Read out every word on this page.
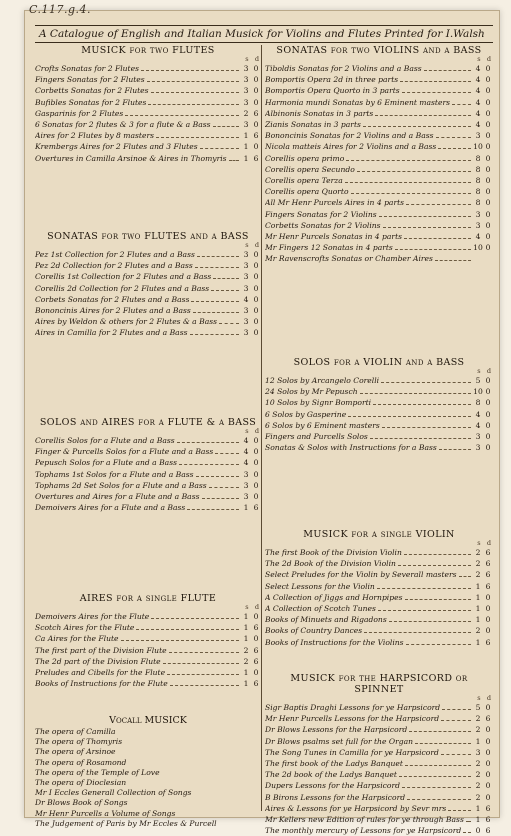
C.117.g.4.
A Catalogue of English and Italian Musick for Violins and Flutes Printed for I.Walsh
MUSICK for two FLUTES
s d
Crofts Sonatas for 2 Flutes	3 0
Fingers Sonatas for 2 Flutes	3 0
Corbetts Sonatas for 2 Flutes	3 0
Bufibles Sonatas for 2 Flutes	3 0
Gasparinis for 2 Flutes	2 6
6 Sonatas for 2 flutes & 3 for a flute & a Bass	3 0
Aires for 2 Flutes by 8 masters	1 6
Krembergs Aires for 2 Flutes and 3 Flutes	1 0
Overtures in Camilla Arsinoe & Aires in Thomyris	1 6
SONATAS for two FLUTES and a BASS
s d
Pez 1st Collection for 2 Flutes and a Bass	3 0
Pez 2d Collection for 2 Flutes and a Bass	3 0
Corellis 1st Collection for 2 Flutes and a Bass	3 0
Corellis 2d Collection for 2 Flutes and a Bass	3 0
Corbets Sonatas for 2 Flutes and a Bass	4 0
Bononcinis Aires for 2 Flutes and a Bass	3 0
Aires by Weldon & others for 2 Flutes & a Bass	3 0
Aires in Camilla for 2 Flutes and a Bass	3 0
SOLOS and AIRES for a FLUTE & a BASS
s d
Corellis Solos for a Flute and a Bass	4 0
Finger & Purcells Solos for a Flute and a Bass	4 0
Pepusch Solos for a Flute and a Bass	4 0
Tophams 1st Solos for a Flute and a Bass	3 0
Tophams 2d Set Solos for a Flute and a Bass	3 0
Overtures and Aires for a Flute and a Bass	3 0
Demoivers Aires for a Flute and a Bass	1 6
AIRES for a single FLUTE
s d
Demoivers Aires for the Flute	1 0
Scotch Aires for the Flute	1 6
Ca Aires for the Flute	1 0
The first part of the Division Flute	2 6
The 2d part of the Division Flute	2 6
Preludes and Cibells for the Flute	1 0
Books of Instructions for the Flute	1 6
Vocall MUSICK
The opera of Camilla
The opera of Thomyris
The opera of Arsinoe
The opera of Rosamond
The opera of the Temple of Love
The opera of Dioclesian
Mr I Eccles Generall Collection of Songs
Dr Blows Book of Songs
Mr Henr Purcells a Volume of Songs
The Judgement of Paris by Mr Eccles & Purcell
SONATAS for two VIOLINS and a BASS
s d
Tiboldis Sonatas for 2 Violins and a Bass	4 0
Bomportis Opera 2d in three parts	4 0
Bomportis Opera Quorto in 3 parts	4 0
Harmonia mundi Sonatas by 6 Eminent masters	4 0
Albinonis Sonatas in 3 parts	4 0
Zianis Sonatas in 3 parts	4 0
Bononcinis Sonatas for 2 Violins and a Bass	3 0
Nicola matteis Aires for 2 Violins and a Bass	10 0
Corellis opera primo	8 0
Corellis opera Secundo	8 0
Corellis opera Terza	8 0
Corellis opera Quorto	8 0
All Mr Henr Purcels Aires in 4 parts	8 0
Fingers Sonatas for 2 Violins	3 0
Corbetts Sonatas for 2 Violins	3 0
Mr Henr Purcels Sonatas in 4 parts	4 0
Mr Fingers 12 Sonatas in 4 parts	10 0
Mr Ravenscrofts Sonatas or Chamber Aires
SOLOS for a VIOLIN and a BASS
s d
12 Solos by Arcangelo Corelli	5 0
24 Solos by Mr Pepusch	10 0
10 Solos by Signr Bomporti	8 0
6 Solos by Gasperine	4 0
6 Solos by 6 Eminent masters	4 0
Fingers and Purcells Solos	3 0
Sonatas & Solos with Instructions for a Bass	3 0
MUSICK for a single VIOLIN
s d
The first Book of the Division Violin	2 6
The 2d Book of the Division Violin	2 6
Select Preludes for the Violin by Severall masters	2 6
Select Lessons for the Violin	1 6
A Collection of Jiggs and Hornpipes	1 0
A Collection of Scotch Tunes	1 0
Books of Minuets and Rigadons	1 0
Books of Country Dances	2 0
Books of Instructions for the Violins	1 6
MUSICK for the HARPSICORD or SPINNET
s d
Sigr Baptis Draghi Lessons for ye Harpsicord	5 0
Mr Henr Purcells Lessons for the Harpsicord	2 6
Dr Blows Lessons for the Harpsicord	2 0
Dr Blows psalms set full for the Organ	1 0
The Song Tunes in Camilla for ye Harpsicord	3 0
The first book of the Ladys Banquet	2 0
The 2d book of the Ladys Banquet	2 0
Dupers Lessons for the Harpsicord	2 0
B Birons Lessons for the Harpsicord	2 0
Aires & Lessons for ye Harpsicord by Sevr mrs	1 6
Mr Kellers new Edition of rules for ye through Bass	1 6
The monthly mercury of Lessons for ye Harpsicord	0 6
